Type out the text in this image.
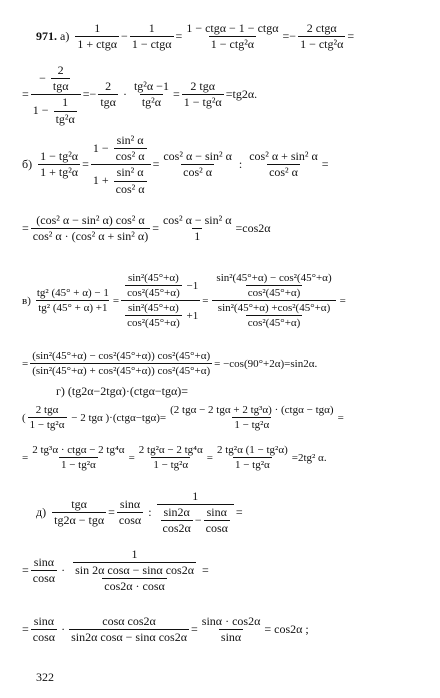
971. $а) \frac{1}{\text{1 + ctgα}} - \frac{1}{\text{1 − ctgα}} = \frac{\text{1 − ctgα − 1 − ctgα}}{\text{1 − ctg²α}} =- \frac{\text{2 ctgα}}{\text{1 − ctg²α}}$ =
= $\frac{- \frac{2}{\text{tgα}}}{1 - \frac{1}{\text{tg²α}}} =- \frac{2}{\text{tgα}} \cdot \frac{\text{tg²α −1}}{\text{tg²α}} = \frac{\text{2 tgα}}{\text{1 − tg²α}} =tg2\alpha$.
$б) \frac{\text{1 − tg²α}}{\text{1 + tg²α}} = \frac{1 - \frac{\text{sin² α}}{\text{cos² α}}}{1 + \frac{\text{sin² α}}{\text{cos² α}}} = \frac{\text{cos² α − sin² α}}{\text{cos² α}}$ : $\frac{\text{cos² α + sin² α}}{\text{cos² α}}$ =
= $\frac{\text{(cos² α − sin² α) cos² α}}{\text{cos² α · (cos² α + sin² α)}} = \frac{\text{cos² α − sin² α}}{1} =\cos 2\alpha$
$в) \frac{\text{tg² (45° + α) − 1}}{\text{tg² (45° + α) +1}} = \frac{\frac{\text{sin²(45°+α)}}{\text{cos²(45°+α)}} -1}{\frac{\text{sin²(45°+α)}}{\text{cos²(45°+α)}} +1} = \frac{\frac{\text{sin²(45°+α) − cos²(45°+α)}}{\text{cos²(45°+α)}}}{\frac{\text{sin²(45°+α) +cos²(45°+α)}}{\text{cos²(45°+α)}}}$ =
= $\frac{\text{(sin²(45°+α) − cos²(45°+α)) cos²(45°+α)}}{\text{(sin²(45°+α) + cos²(45°+α)) cos²(45°+α)}} = -\cos(90^\circ+2\alpha)=\sin 2\alpha$.
г) (tg2α−2tgα)·(ctgα−tgα)=
( $\frac{\text{2 tgα}}{\text{1 − tg²α}} - 2$ tgα )$\cdot(ctg\alpha-tg\alpha)= \frac{\text{(2 tgα − 2 tgα + 2 tg³α) · (ctgα − tgα)}}{\text{1 − tg²α}}$ =
= $\frac{\text{2 tg³α · ctgα − 2 tg⁴α}}{\text{1 − tg²α}} = \frac{\text{2 tg²α − 2 tg⁴α}}{\text{1 − tg²α}} = \frac{\text{2 tg²α (1 − tg²α)}}{\text{1 − tg²α}} =2tg^2$ α.
$д) \frac{\text{tgα}}{\text{tg2α − tgα}} = \frac{\sin\alpha}{\cos\alpha}$ : $\frac{1}{\frac{\sin 2\alpha}{\cos 2\alpha} - \frac{\sin\alpha}{\cos\alpha}}$ =
= $\frac{\sin\alpha}{\cos\alpha} \cdot \frac{\frac{1}{\text{sin 2α cosα − sinα cos2α}}}{\cos 2\alpha \cdot \cos\alpha}$ =
= $\frac{\sin\alpha}{\cos\alpha} \cdot \frac{\text{cosα cos2α}}{\text{sin2α cosα − sinα cos2α}} = \frac{\sin\alpha \cdot \cos 2\alpha}{\sin\alpha} = \cos 2\alpha$ ;
322
